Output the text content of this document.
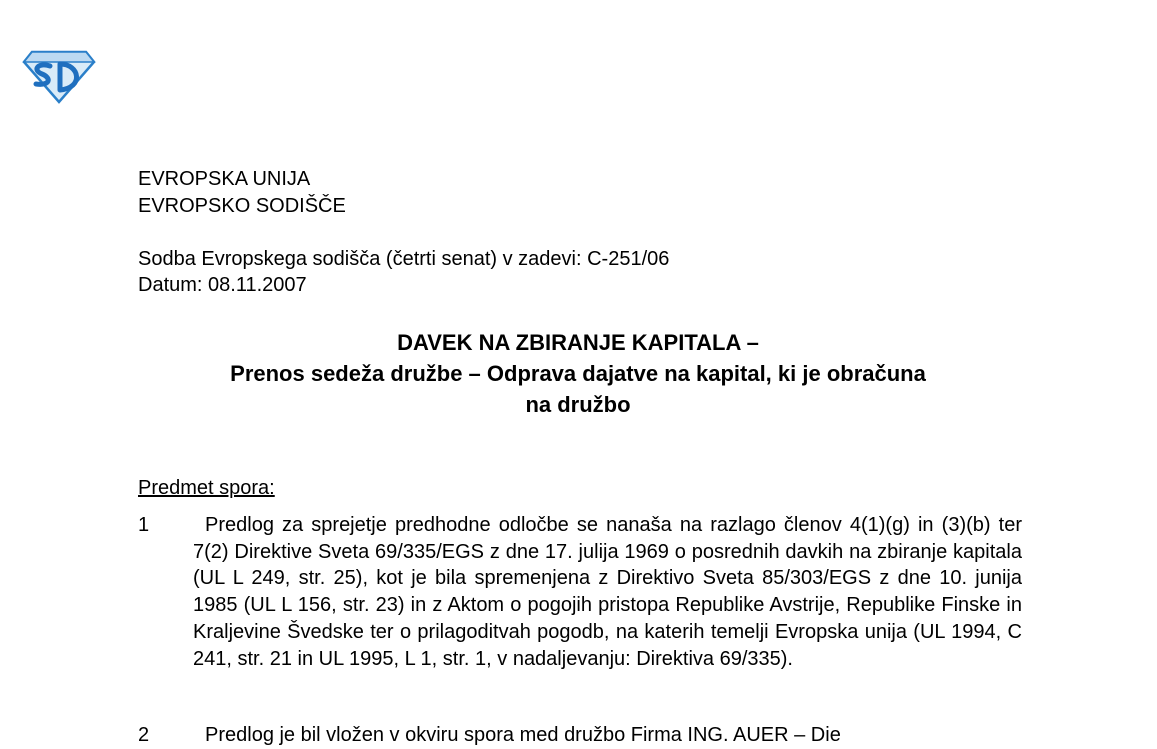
EVROPSKA UNIJA
EVROPSKO SODIŠČE
Sodba Evropskega sodišča (četrti senat) v zadevi: C-251/06
Datum: 08.11.2007
DAVEK NA ZBIRANJE KAPITALA –
Prenos sedeža družbe – Odprava dajatve na kapital, ki je obračuna
na družbo
Predmet spora:
1	Predlog za sprejetje predhodne odločbe se nanaša na razlago členov 4(1)(g) in (3)(b) ter 7(2) Direktive Sveta 69/335/EGS z dne 17. julija 1969 o posrednih davkih na zbiranje kapitala (UL L 249, str. 25), kot je bila spremenjena z Direktivo Sveta 85/303/EGS z dne 10. junija 1985 (UL L 156, str. 23) in z Aktom o pogojih pristopa Republike Avstrije, Republike Finske in Kraljevine Švedske ter o prilagoditvah pogodb, na katerih temelji Evropska unija (UL 1994, C 241, str. 21 in UL 1995, L 1, str. 1, v nadaljevanju: Direktiva 69/335).
2	Predlog je bil vložen v okviru spora med družbo Firma ING. AUER – Die
